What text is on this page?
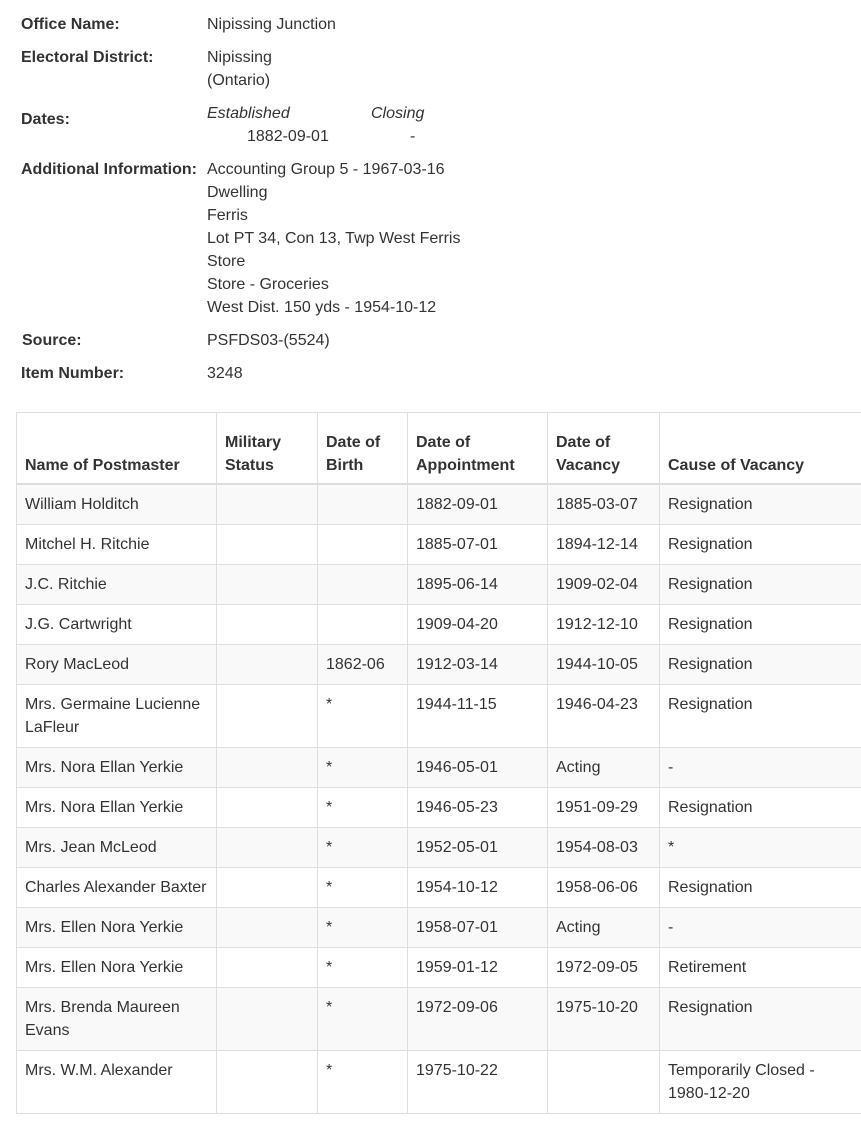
Office Name:	Nipissing Junction
Electoral District:	Nipissing
(Ontario)
Dates:	Established	Closing
1882-09-01	-
Additional Information: Accounting Group 5 - 1967-03-16
Dwelling
Ferris
Lot PT 34, Con 13, Twp West Ferris
Store
Store - Groceries
West Dist. 150 yds - 1954-10-12
Source:	PSFDS03-(5524)
Item Number:	3248
Name of Postmaster	Military Status	Date of Birth	Date of Appointment	Date of Vacancy	Cause of Vacancy
William Holditch			1882-09-01	1885-03-07	Resignation
Mitchel H. Ritchie			1885-07-01	1894-12-14	Resignation
J.C. Ritchie			1895-06-14	1909-02-04	Resignation
J.G. Cartwright			1909-04-20	1912-12-10	Resignation
Rory MacLeod		1862-06	1912-03-14	1944-10-05	Resignation
Mrs. Germaine Lucienne LaFleur		*	1944-11-15	1946-04-23	Resignation
Mrs. Nora Ellan Yerkie		*	1946-05-01	Acting	-
Mrs. Nora Ellan Yerkie		*	1946-05-23	1951-09-29	Resignation
Mrs. Jean McLeod		*	1952-05-01	1954-08-03	*
Charles Alexander Baxter		*	1954-10-12	1958-06-06	Resignation
Mrs. Ellen Nora Yerkie		*	1958-07-01	Acting	-
Mrs. Ellen Nora Yerkie		*	1959-01-12	1972-09-05	Retirement
Mrs. Brenda Maureen Evans		*	1972-09-06	1975-10-20	Resignation
Mrs. W.M. Alexander		*	1975-10-22		Temporarily Closed - 1980-12-20
